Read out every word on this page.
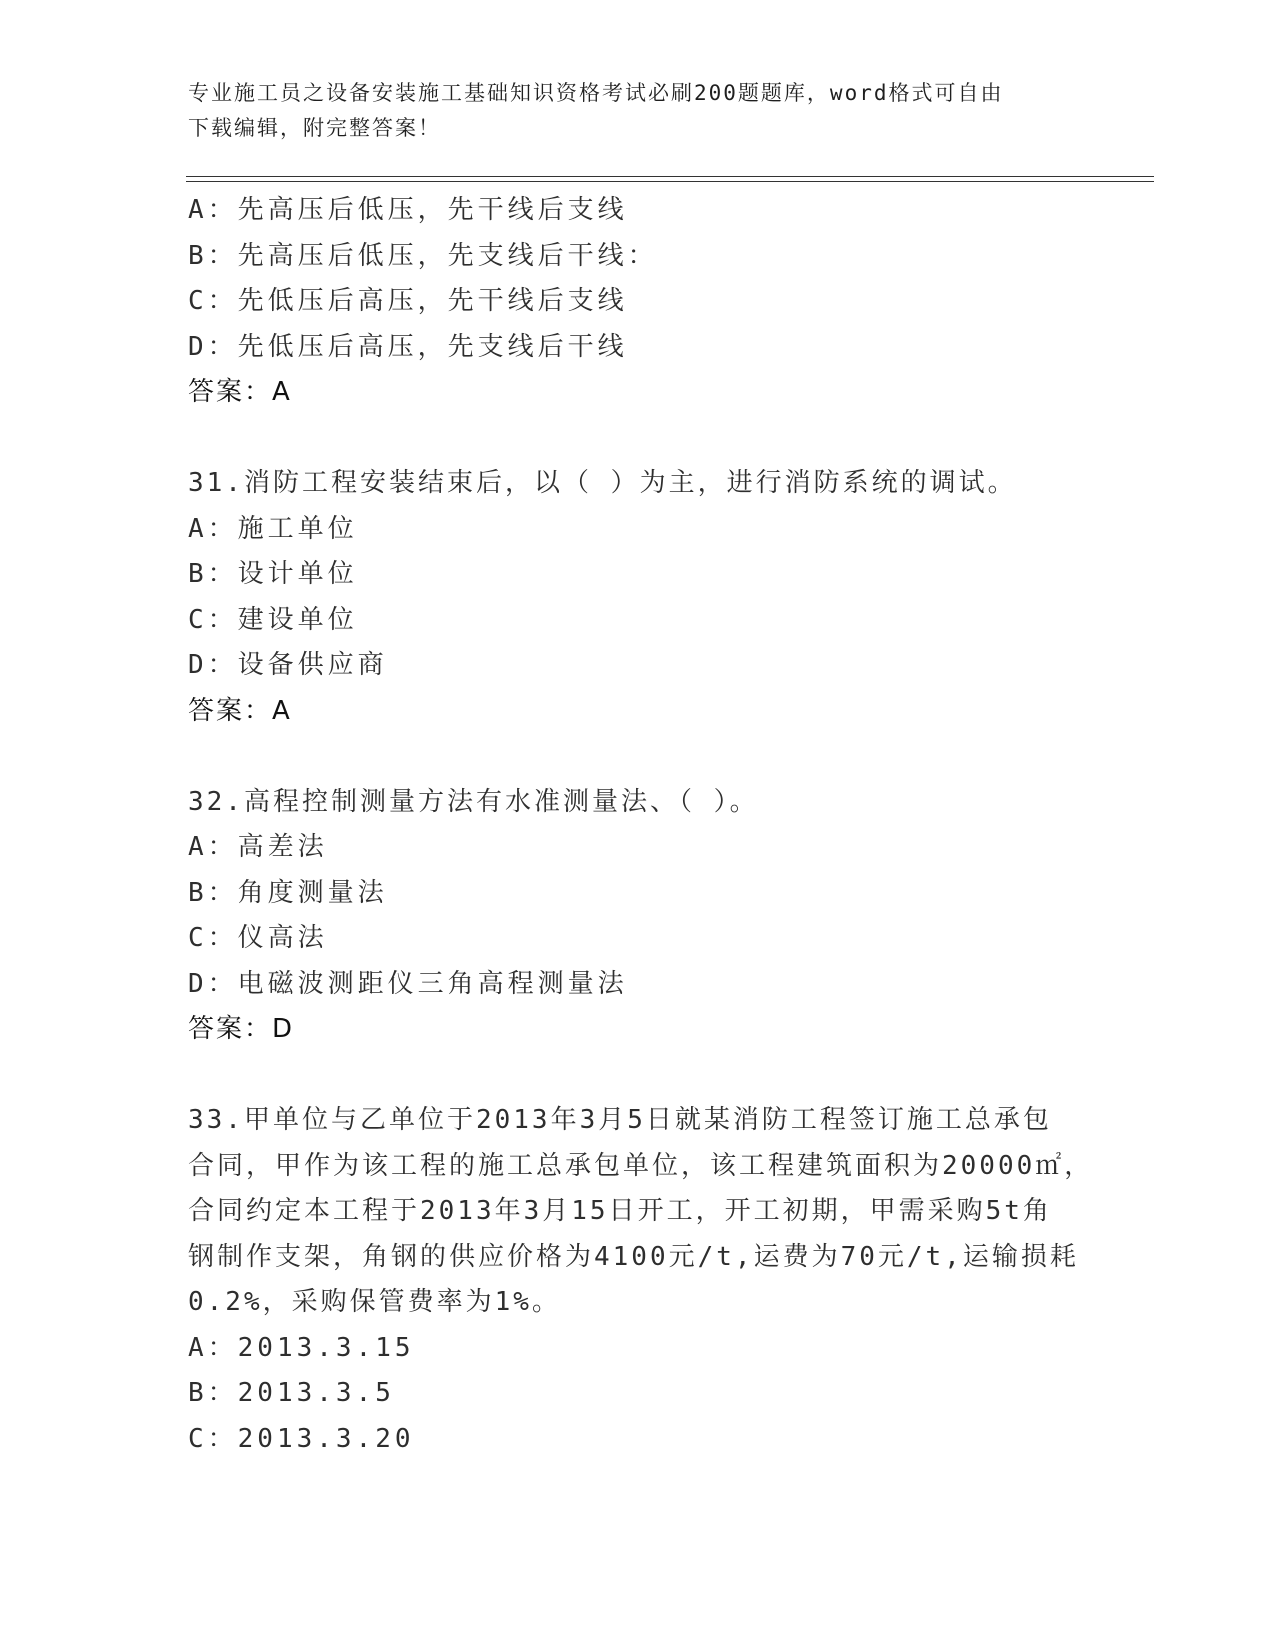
专业施工员之设备安装施工基础知识资格考试必刷200题题库，word格式可自由
下载编辑，附完整答案！
A：先高压后低压，先干线后支线
B：先高压后低压，先支线后干线：
C：先低压后高压，先干线后支线
D：先低压后高压，先支线后干线
答案：A
31.消防工程安装结束后，以（ ）为主，进行消防系统的调试。
A：施工单位
B：设计单位
C：建设单位
D：设备供应商
答案：A
32.高程控制测量方法有水准测量法、（ ）。
A：高差法
B：角度测量法
C：仪高法
D：电磁波测距仪三角高程测量法
答案：D
33.甲单位与乙单位于2013年3月5日就某消防工程签订施工总承包
合同，甲作为该工程的施工总承包单位，该工程建筑面积为20000㎡，
合同约定本工程于2013年3月15日开工，开工初期，甲需采购5t角
钢制作支架，角钢的供应价格为4100元/t,运费为70元/t,运输损耗
0.2%，采购保管费率为1%。
A：2013.3.15
B：2013.3.5
C：2013.3.20
